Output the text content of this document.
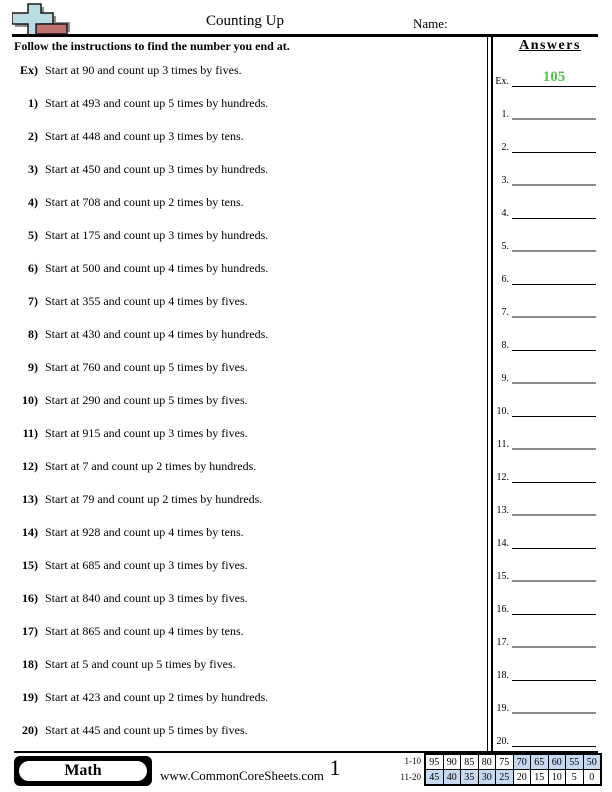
Counting Up	Name:
Follow the instructions to find the number you end at.
Ex) Start at 90 and count up 3 times by fives.
1) Start at 493 and count up 5 times by hundreds.
2) Start at 448 and count up 3 times by tens.
3) Start at 450 and count up 3 times by hundreds.
4) Start at 708 and count up 2 times by tens.
5) Start at 175 and count up 3 times by hundreds.
6) Start at 500 and count up 4 times by hundreds.
7) Start at 355 and count up 4 times by fives.
8) Start at 430 and count up 4 times by hundreds.
9) Start at 760 and count up 5 times by fives.
10) Start at 290 and count up 5 times by fives.
11) Start at 915 and count up 3 times by fives.
12) Start at 7 and count up 2 times by hundreds.
13) Start at 79 and count up 2 times by hundreds.
14) Start at 928 and count up 4 times by tens.
15) Start at 685 and count up 3 times by fives.
16) Start at 840 and count up 3 times by fives.
17) Start at 865 and count up 4 times by tens.
18) Start at 5 and count up 5 times by fives.
19) Start at 423 and count up 2 times by hundreds.
20) Start at 445 and count up 5 times by fives.
Answers
Math	www.CommonCoreSheets.com 1	1-10
11-20
95	90	85	80	75	70	65	60	55	50
45	40	35	30	25	20	15	10	5	0
Ex.	105
1.
2.
3.
4.
5.
6.
7.
8.
9.
10.
11.
12.
13.
14.
15.
16.
17.
18.
19.
20.
